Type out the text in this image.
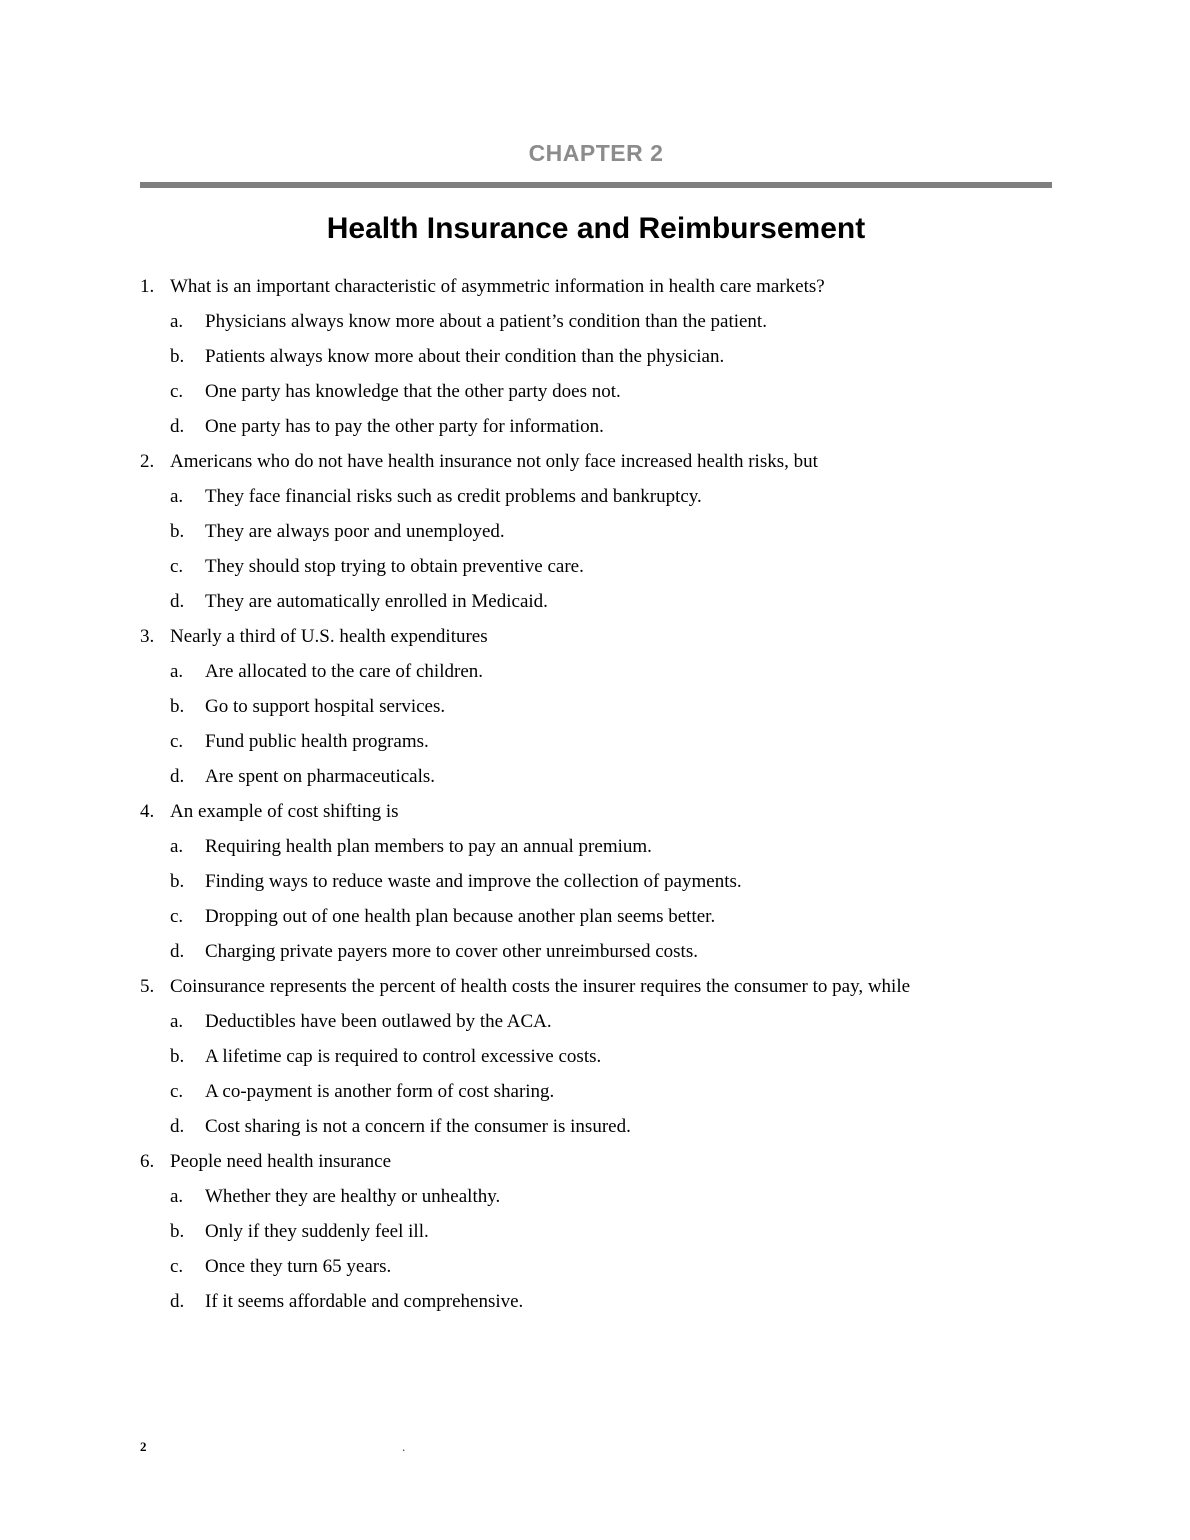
CHAPTER 2
Health Insurance and Reimbursement
1. What is an important characteristic of asymmetric information in health care markets?
a.	Physicians always know more about a patient’s condition than the patient.
b.	Patients always know more about their condition than the physician.
c.	One party has knowledge that the other party does not.
d.	One party has to pay the other party for information.
2. Americans who do not have health insurance not only face increased health risks, but
a.	They face financial risks such as credit problems and bankruptcy.
b.	They are always poor and unemployed.
c.	They should stop trying to obtain preventive care.
d.	They are automatically enrolled in Medicaid.
3. Nearly a third of U.S. health expenditures
a.	Are allocated to the care of children.
b.	Go to support hospital services.
c.	Fund public health programs.
d.	Are spent on pharmaceuticals.
4. An example of cost shifting is
a.	Requiring health plan members to pay an annual premium.
b.	Finding ways to reduce waste and improve the collection of payments.
c.	Dropping out of one health plan because another plan seems better.
d.	Charging private payers more to cover other unreimbursed costs.
5. Coinsurance represents the percent of health costs the insurer requires the consumer to pay, while
a.	Deductibles have been outlawed by the ACA.
b.	A lifetime cap is required to control excessive costs.
c.	A co-payment is another form of cost sharing.
d.	Cost sharing is not a concern if the consumer is insured.
6. People need health insurance
a.	Whether they are healthy or unhealthy.
b.	Only if they suddenly feel ill.
c.	Once they turn 65 years.
d.	If it seems affordable and comprehensive.
2	.
